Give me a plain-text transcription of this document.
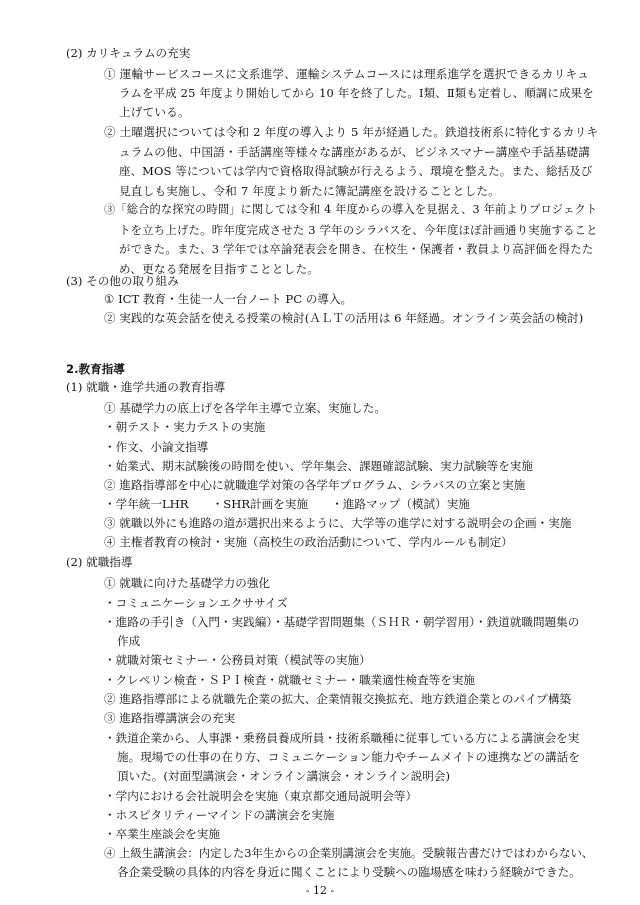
(2) カリキュラムの充実
① 運輸サービスコースに文系進学、運輸システムコースには理系進学を選択できるカリキュ
ラムを平成 25 年度より開始してから 10 年を終了した。Ⅰ類、Ⅱ類も定着し、順調に成果を
上げている。
② 土曜選択については令和 2 年度の導入より 5 年が経過した。鉄道技術系に特化するカリキ
ュラムの他、中国語・手話講座等様々な講座があるが、ビジネスマナー講座や手話基礎講
座、MOS 等については学内で資格取得試験が行えるよう、環境を整えた。また、総括及び
見直しも実施し、令和 7 年度より新たに簿記講座を設けることとした。
③「総合的な探究の時間」に関しては令和 4 年度からの導入を見据え、3 年前よりプロジェクト
トを立ち上げた。昨年度完成させた 3 学年のシラバスを、今年度ほぼ計画通り実施すること
ができた。また、3 学年では卒論発表会を開き、在校生・保護者・教員より高評価を得たた
め、更なる発展を目指すこととした。
(3) その他の取り組み
① ICT 教育・生徒一人一台ノート PC の導入。
② 実践的な英会話を使える授業の検討(ＡＬＴの活用は 6 年経過。オンライン英会話の検討)
2.教育指導
(1) 就職・進学共通の教育指導
① 基礎学力の底上げを各学年主導で立案、実施した。
・朝テスト・実力テストの実施
・作文、小論文指導
・始業式、期末試験後の時間を使い、学年集会、課題確認試験、実力試験等を実施
② 進路指導部を中心に就職進学対策の各学年プログラム、シラバスの立案と実施
・学年統一LHR　　・SHR計画を実施　　・進路マップ（模試）実施
③ 就職以外にも進路の道が選択出来るように、大学等の進学に対する説明会の企画・実施
④ 主権者教育の検討・実施（高校生の政治活動について、学内ルールも制定）
(2) 就職指導
① 就職に向けた基礎学力の強化
・コミュニケーションエクササイズ
・進路の手引き（入門・実践編）・基礎学習問題集（ＳＨＲ・朝学習用）・鉄道就職問題集の
作成
・就職対策セミナー・公務員対策（模試等の実施）
・クレペリン検査・ＳＰＩ検査・就職セミナー・職業適性検査等を実施
② 進路指導部による就職先企業の拡大、企業情報交換拡充、地方鉄道企業とのパイプ構築
③ 進路指導講演会の充実
・鉄道企業から、人事課・乗務員養成所員・技術系職種に従事している方による講演会を実
施。現場での仕事の在り方、コミュニケーション能力やチームメイトの連携などの講話を
頂いた。(対面型講演会・オンライン講演会・オンライン説明会)
・学内における会社説明会を実施（東京都交通局説明会等）
・ホスピタリティーマインドの講演会を実施
・卒業生座談会を実施
④ 上級生講演会：内定した3年生からの企業別講演会を実施。受験報告書だけではわからない、
各企業受験の具体的内容を身近に聞くことにより受験への臨場感を味わう経験ができた。
- 12 -
